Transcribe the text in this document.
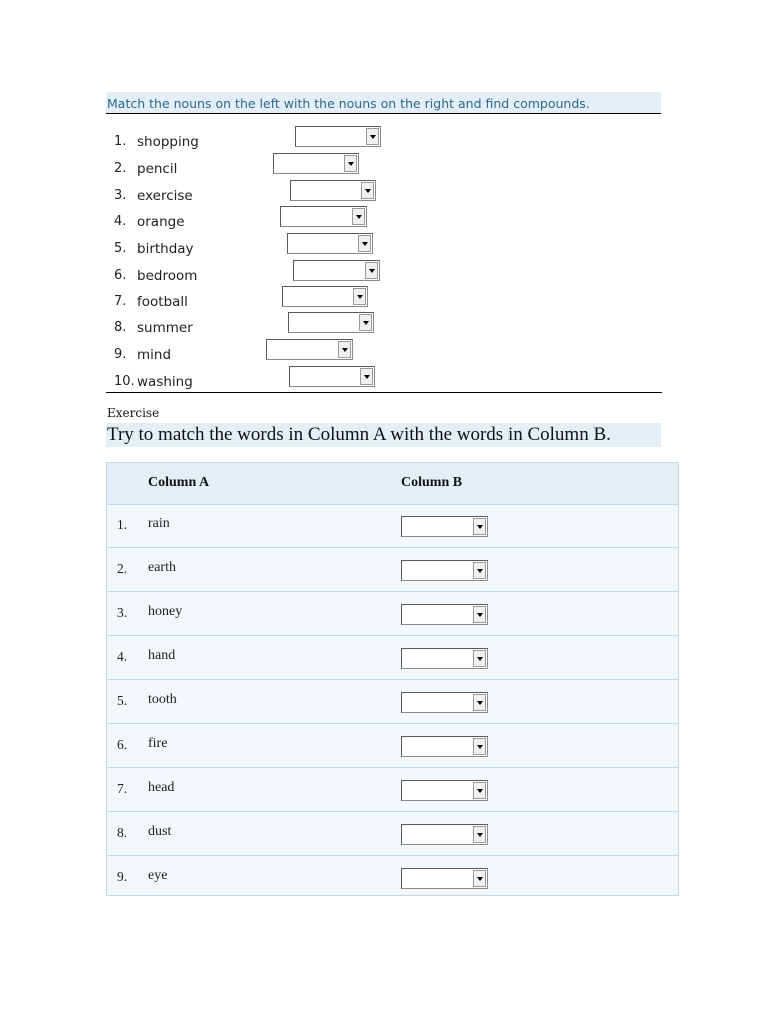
Match the nouns on the left with the nouns on the right and find compounds.
1. shopping
2. pencil
3. exercise
4. orange
5. birthday
6. bedroom
7. football
8. summer
9. mind
10. washing
Exercise
Try to match the words in Column A with the words in Column B.
Column A	Column B
1. rain
2. earth
3. honey
4. hand
5. tooth
6. fire
7. head
8. dust
9. eye
